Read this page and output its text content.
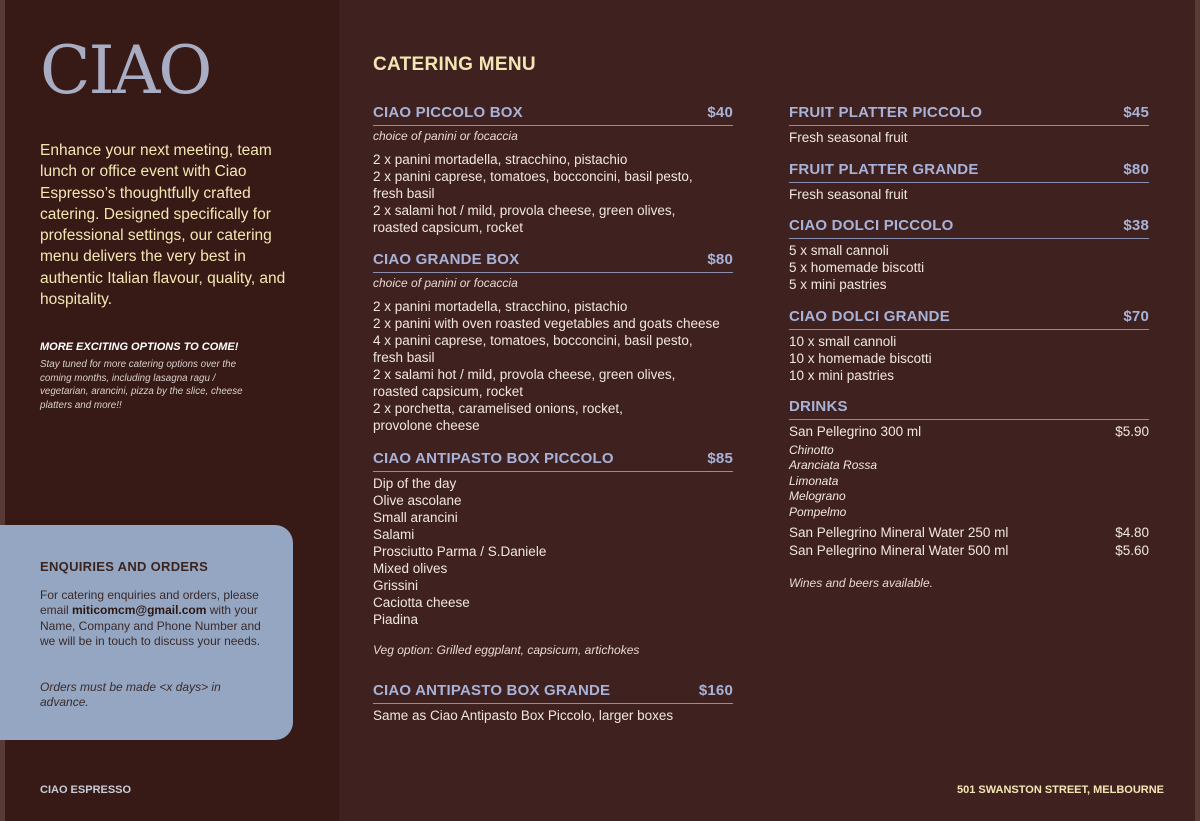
CIAO
Enhance your next meeting, team lunch or office event with Ciao Espresso’s thoughtfully crafted catering. Designed specifically for professional settings, our catering menu delivers the very best in authentic Italian flavour, quality, and hospitality.
MORE EXCITING OPTIONS TO COME!
Stay tuned for more catering options over the coming months, including lasagna ragu / vegetarian, arancini, pizza by the slice, cheese platters and more!!
ENQUIRIES AND ORDERS
For catering enquiries and orders, please email miticomcm@gmail.com with your Name, Company and Phone Number and we will be in touch to discuss your needs.
Orders must be made <x days> in advance.
CIAO ESPRESSO	501 SWANSTON STREET, MELBOURNE
CATERING MENU
CIAO PICCOLO BOX	$40
choice of panini or focaccia
2 x panini mortadella, stracchino, pistachio
2 x panini caprese, tomatoes, bocconcini, basil pesto,
fresh basil
2 x salami hot / mild, provola cheese, green olives,
roasted capsicum, rocket
CIAO GRANDE BOX	$80
choice of panini or focaccia
2 x panini mortadella, stracchino, pistachio
2 x panini with oven roasted vegetables and goats cheese
4 x panini caprese, tomatoes, bocconcini, basil pesto,
fresh basil
2 x salami hot / mild, provola cheese, green olives,
roasted capsicum, rocket
2 x porchetta, caramelised onions, rocket,
provolone cheese
CIAO ANTIPASTO BOX PICCOLO	$85
Dip of the day
Olive ascolane
Small arancini
Salami
Prosciutto Parma / S.Daniele
Mixed olives
Grissini
Caciotta cheese
Piadina
Veg option: Grilled eggplant, capsicum, artichokes
CIAO ANTIPASTO BOX GRANDE	$160
Same as Ciao Antipasto Box Piccolo, larger boxes
FRUIT PLATTER PICCOLO	$45
Fresh seasonal fruit
FRUIT PLATTER GRANDE	$80
Fresh seasonal fruit
CIAO DOLCI PICCOLO	$38
5 x small cannoli
5 x homemade biscotti
5 x mini pastries
CIAO DOLCI GRANDE	$70
10 x small cannoli
10 x homemade biscotti
10 x mini pastries
DRINKS
San Pellegrino 300 ml	$5.90
Chinotto
Aranciata Rossa
Limonata
Melograno
Pompelmo
San Pellegrino Mineral Water 250 ml	$4.80
San Pellegrino Mineral Water 500 ml	$5.60
Wines and beers available.
